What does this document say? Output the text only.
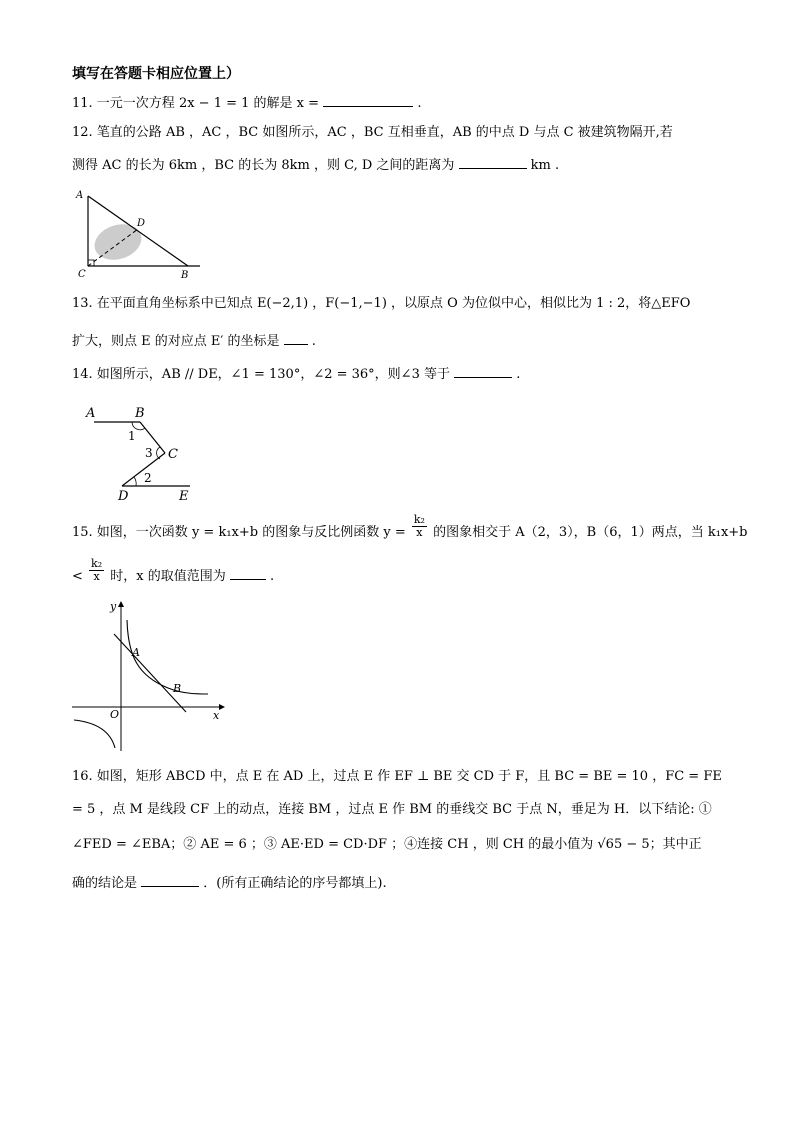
填写在答题卡相应位置上）
11. 一元一次方程 2x − 1 = 1 的解是 x =	.
12. 笔直的公路 AB ，AC ，BC 如图所示，AC ，BC 互相垂直，AB 的中点 D 与点 C 被建筑物隔开,若
测得 AC 的长为 6km ，BC 的长为 8km ，则 C, D 之间的距离为	km .
A
D
C	B
13. 在平面直角坐标系中已知点 E(−2,1) ，F(−1,−1) ，以原点 O 为位似中心，相似比为 1 : 2，将△EFO
扩大，则点 E 的对应点 E′ 的坐标是 .
14. 如图所示，AB // DE，∠1 = 130°，∠2 = 36°，则∠3 等于	.
A	B
1
3 C
2
D	E
15. 如图，一次函数 y = k₁x+b 的图象与反比例函数 $y = \frac{\text{k₂}}{x}$ 的图象相交于 A（2，3），B（6，1）两点，当 k₁x+b
< $\frac{\text{k₂}}{x}$ 时，x 的取值范围为	.
y
A
B
O	x
16. 如图，矩形 ABCD 中，点 E 在 AD 上，过点 E 作 EF ⊥ BE 交 CD 于 F，且 BC = BE = 10 ，FC = FE
= 5 ，点 M 是线段 CF 上的动点，连接 BM ，过点 E 作 BM 的垂线交 BC 于点 N，垂足为 H．以下结论: ①
∠FED = ∠EBA；② AE = 6 ；③ AE·ED = CD·DF ；④连接 CH ，则 CH 的最小值为 √65 − 5；其中正
确的结论是	．(所有正确结论的序号都填上).
